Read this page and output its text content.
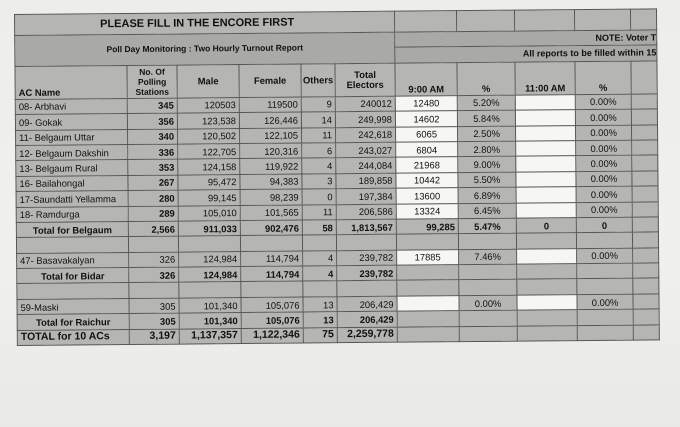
PLEASE FILL IN THE ENCORE FIRST										
Poll Day Monitoring : Two Hourly Turnout Report						NOTE: Voter T				
						All reports to be filled within 15				
AC Name	No. Of Polling Stations	Male	Female	Others	Total Electors	9:00 AM	%	11:00 AM	%	
08- Arbhavi	345	120503	119500	9	240012	12480	5.20%		0.00%	
09- Gokak	356	123,538	126,446	14	249,998	14602	5.84%		0.00%	
11- Belgaum Uttar	340	120,502	122,105	11	242,618	6065	2.50%		0.00%	
12- Belgaum Dakshin	336	122,705	120,316	6	243,027	6804	2.80%		0.00%	
13- Belgaum Rural	353	124,158	119,922	4	244,084	21968	9.00%		0.00%	
16- Bailahongal	267	95,472	94,383	3	189,858	10442	5.50%		0.00%	
17-Saundatti Yellamma	280	99,145	98,239	0	197,384	13600	6.89%		0.00%	
18- Ramdurga	289	105,010	101,565	11	206,586	13324	6.45%		0.00%	
Total for Belgaum	2,566	911,033	902,476	58	1,813,567	99,285	5.47%	0	0	

47- Basavakalyan	326	124,984	114,794	4	239,782	17885	7.46%		0.00%	
Total for Bidar	326	124,984	114,794	4	239,782					

59-Maski	305	101,340	105,076	13	206,429		0.00%		0.00%	
Total for Raichur	305	101,340	105,076	13	206,429					
TOTAL for 10 ACs	3,197	1,137,357	1,122,346	75	2,259,778					
